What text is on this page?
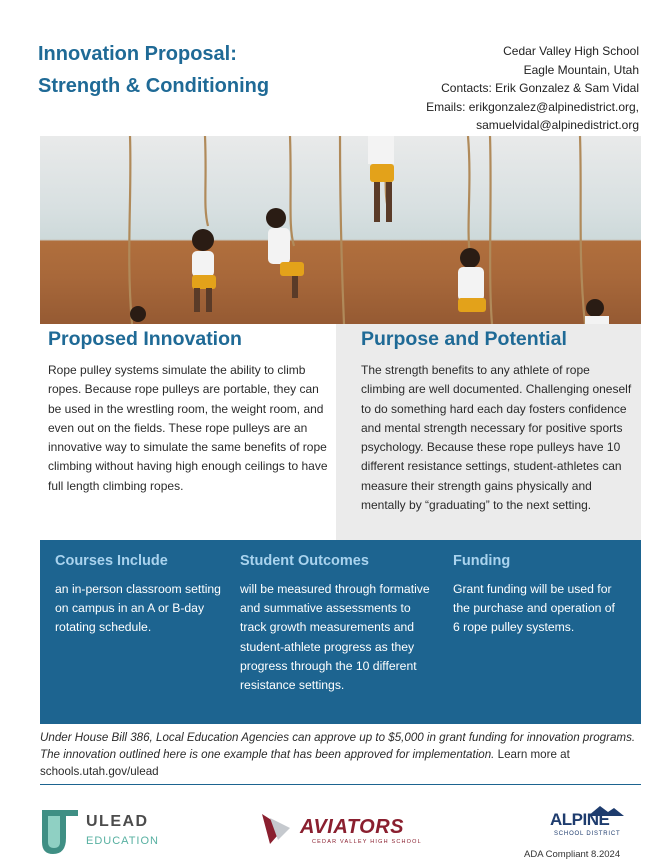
Innovation Proposal:
Strength & Conditioning
Cedar Valley High School
Eagle Mountain, Utah
Contacts: Erik Gonzalez & Sam Vidal
Emails: erikgonzalez@alpinedistrict.org,
samuelvidal@alpinedistrict.org
Proposed Innovation
Rope pulley systems simulate the ability to climb ropes. Because rope pulleys are portable, they can be used in the wrestling room, the weight room, and even out on the fields. These rope pulleys are an innovative way to simulate the same benefits of rope climbing without having high enough ceilings to have full length climbing ropes.
Purpose and Potential
The strength benefits to any athlete of rope climbing are well documented. Challenging oneself to do something hard each day fosters confidence and mental strength necessary for positive sports psychology. Because these rope pulleys have 10 different resistance settings, student-athletes can measure their strength gains physically and mentally by “graduating” to the next setting.
Courses Include
an in-person classroom setting on campus in an A or B-day rotating schedule.
Student Outcomes
will be measured through formative and summative assessments to track growth measurements and student-athlete progress as they progress through the 10 different resistance settings.
Funding
Grant funding will be used for the purchase and operation of 6 rope pulley systems.
Under House Bill 386, Local Education Agencies can approve up to $5,000 in grant funding for innovation programs. The innovation outlined here is one example that has been approved for implementation. Learn more at schools.utah.gov/ulead
ULEAD
EDUCATION
AVIATORS
CEDAR VALLEY HIGH SCHOOL
ALPINE
SCHOOL DISTRICT
ADA Compliant 8.2024
